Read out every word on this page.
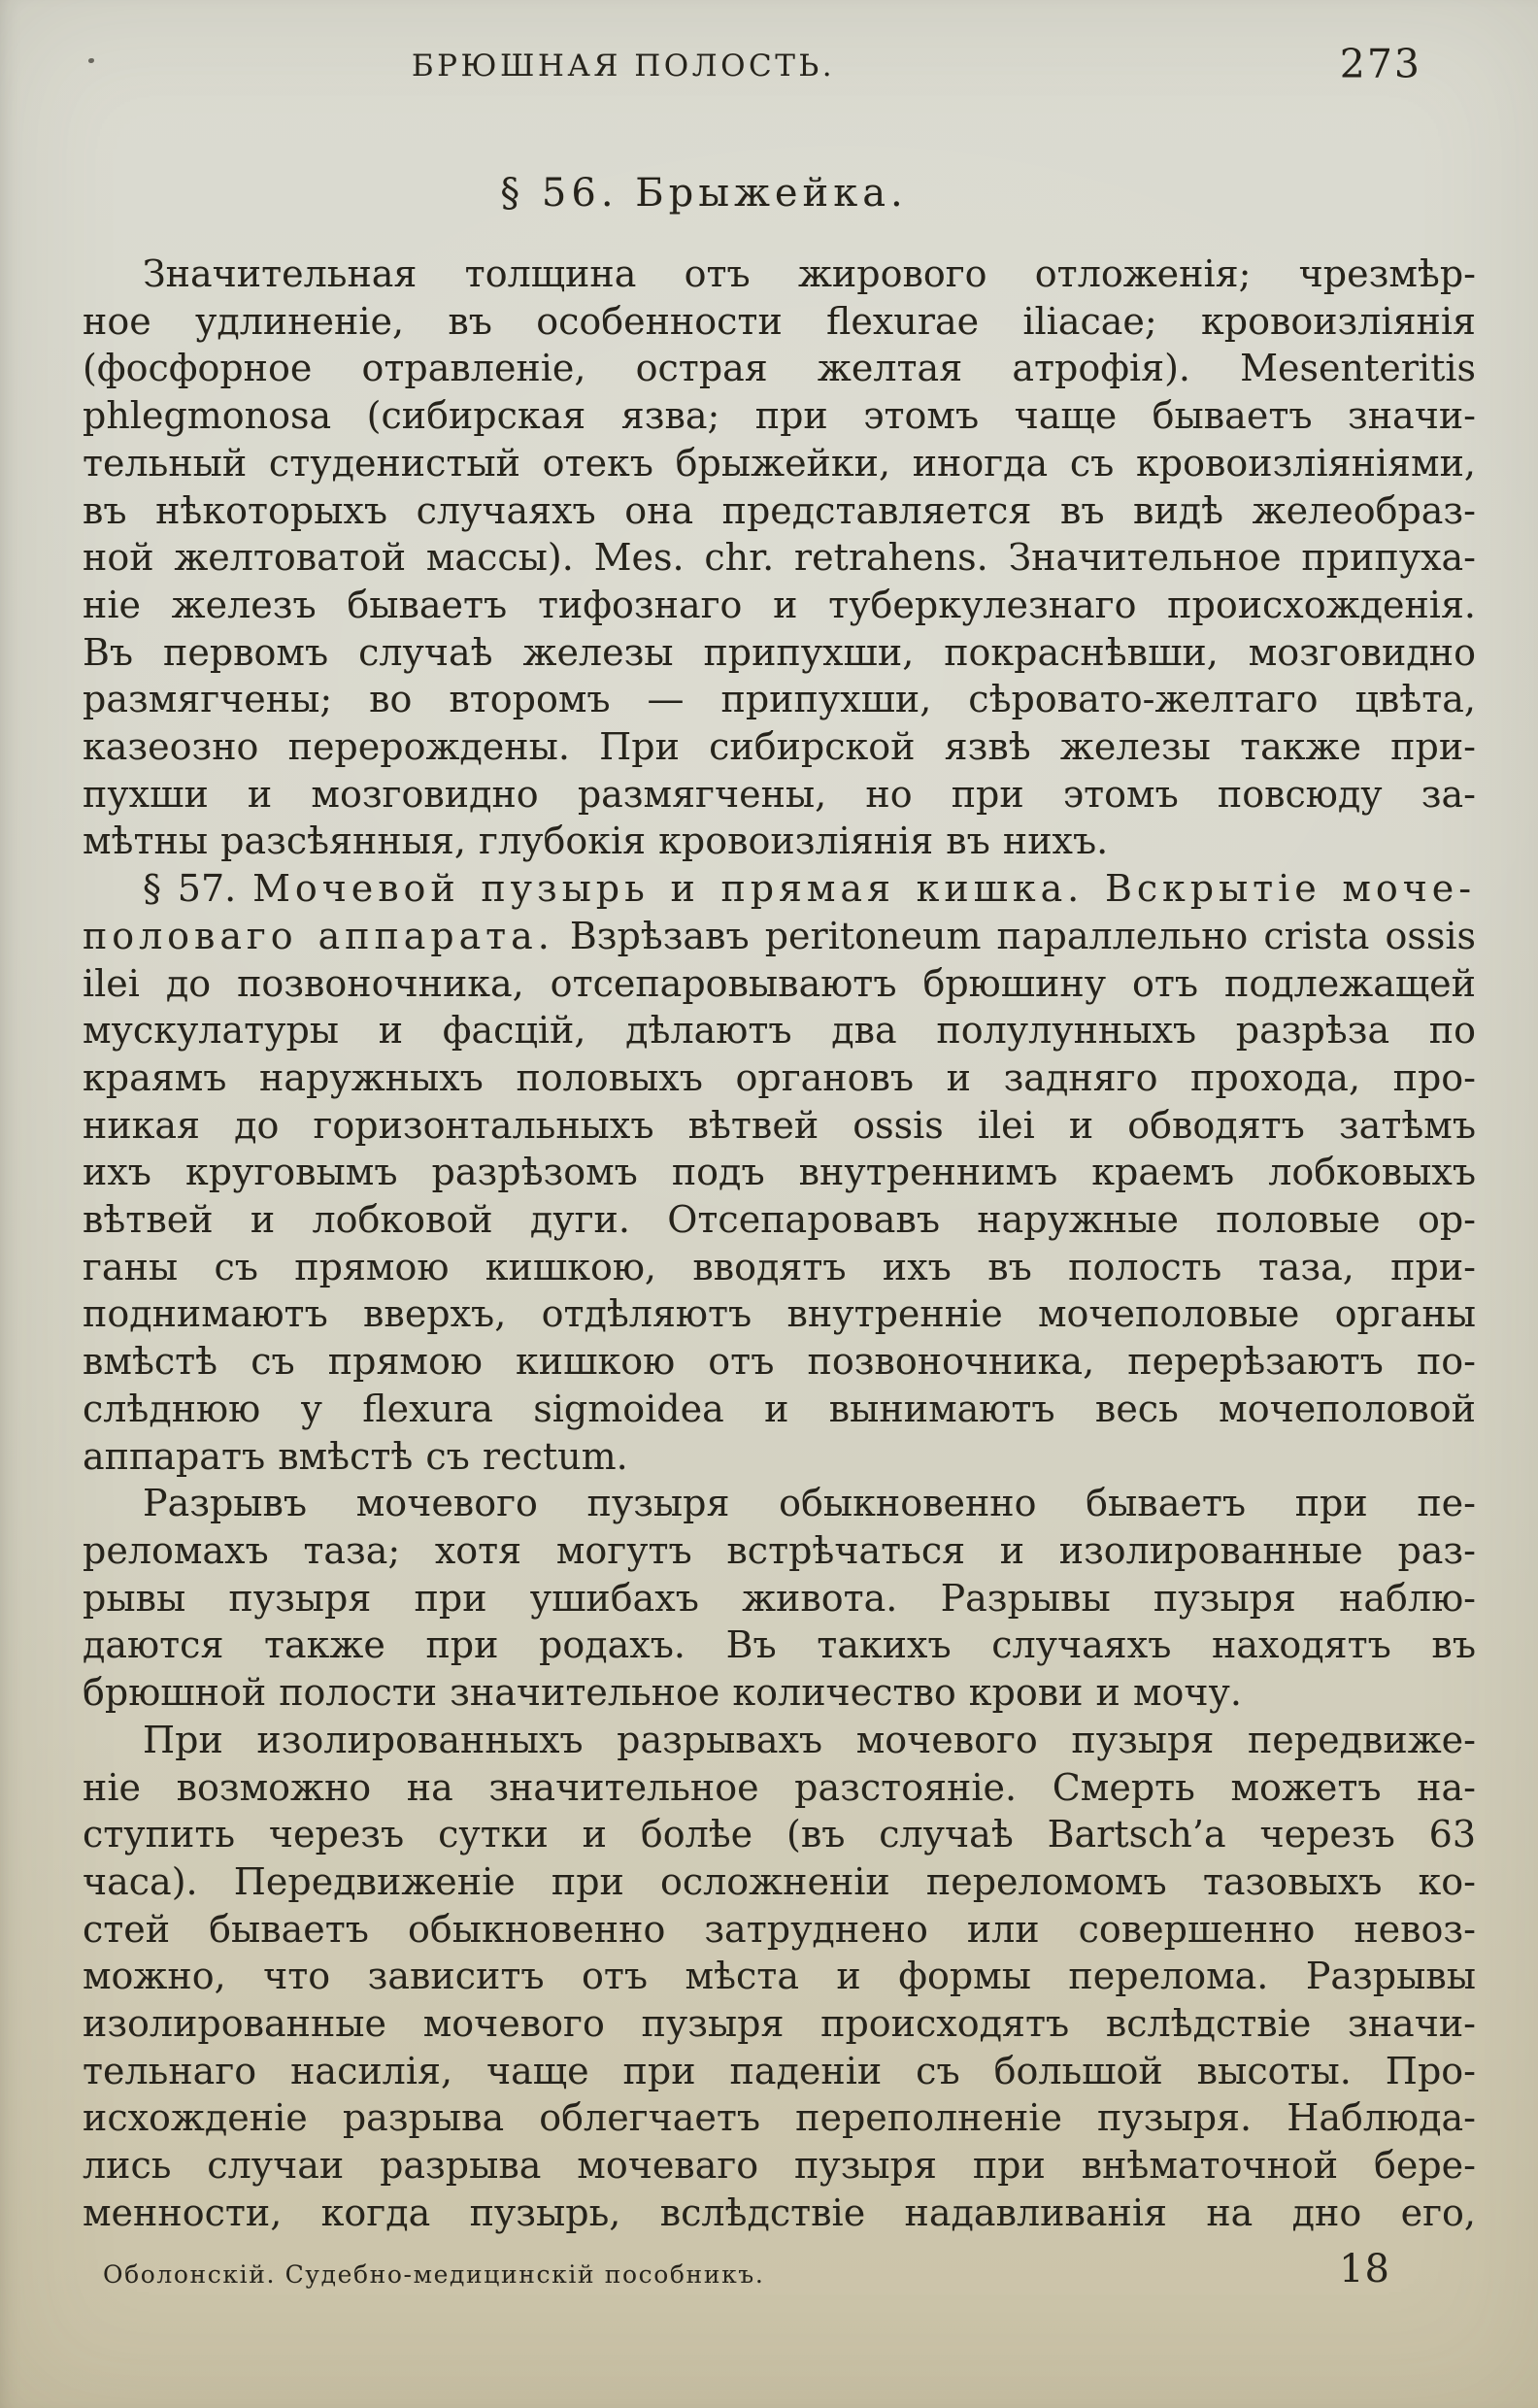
БРЮШНАЯ ПОЛОСТЬ.	273
§ 56. Брыжейка.
Значительная толщина отъ жирового отложенія; чрезмѣр-
ное удлиненіе, въ особенности flexurae iliacae; кровоизліянія
(фосфорное отравленіе, острая желтая атрофія). Mesenteritis
phlegmonosa (сибирская язва; при этомъ чаще бываетъ значи-
тельный студенистый отекъ брыжейки, иногда съ кровоизліяніями,
въ нѣкоторыхъ случаяхъ она представляется въ видѣ желеобраз-
ной желтоватой массы). Mes. chr. retrahens. Значительное припуха-
ніе железъ бываетъ тифознаго и туберкулезнаго происхожденія.
Въ первомъ случаѣ железы припухши, покраснѣвши, мозговидно
размягчены; во второмъ — припухши, сѣровато-желтаго цвѣта,
казеозно перерождены. При сибирской язвѣ железы также при-
пухши и мозговидно размягчены, но при этомъ повсюду за-
мѣтны разсѣянныя, глубокія кровоизліянія въ нихъ.
§ 57. Мочевой пузырь и прямая кишка. Вскрытіе моче-
половаго аппарата. Взрѣзавъ peritoneum параллельно crista ossis
ilei до позвоночника, отсепаровываютъ брюшину отъ подлежащей
мускулатуры и фасцій, дѣлаютъ два полулунныхъ разрѣза по
краямъ наружныхъ половыхъ органовъ и задняго прохода, про-
никая до горизонтальныхъ вѣтвей ossis ilei и обводятъ затѣмъ
ихъ круговымъ разрѣзомъ подъ внутреннимъ краемъ лобковыхъ
вѣтвей и лобковой дуги. Отсепаровавъ наружные половые ор-
ганы съ прямою кишкою, вводятъ ихъ въ полость таза, при-
поднимаютъ вверхъ, отдѣляютъ внутренніе мочеполовые органы
вмѣстѣ съ прямою кишкою отъ позвоночника, перерѣзаютъ по-
слѣднюю у flexura sigmoidea и вынимаютъ весь мочеполовой
аппаратъ вмѣстѣ съ rectum.
Разрывъ мочевого пузыря обыкновенно бываетъ при пе-
реломахъ таза; хотя могутъ встрѣчаться и изолированные раз-
рывы пузыря при ушибахъ живота. Разрывы пузыря наблю-
даются также при родахъ. Въ такихъ случаяхъ находятъ въ
брюшной полости значительное количество крови и мочу.
При изолированныхъ разрывахъ мочевого пузыря передвиже-
ніе возможно на значительное разстояніе. Смерть можетъ на-
ступить черезъ сутки и болѣе (въ случаѣ Bartsch’а черезъ 63
часа). Передвиженіе при осложненіи переломомъ тазовыхъ ко-
стей бываетъ обыкновенно затруднено или совершенно невоз-
можно, что зависитъ отъ мѣста и формы перелома. Разрывы
изолированные мочевого пузыря происходятъ вслѣдствіе значи-
тельнаго насилія, чаще при паденіи съ большой высоты. Про-
исхожденіе разрыва облегчаетъ переполненіе пузыря. Наблюда-
лись случаи разрыва мочеваго пузыря при внѣматочной бере-
менности, когда пузырь, вслѣдствіе надавливанія на дно его,
Оболонскій. Судебно-медицинскій пособникъ.	18
